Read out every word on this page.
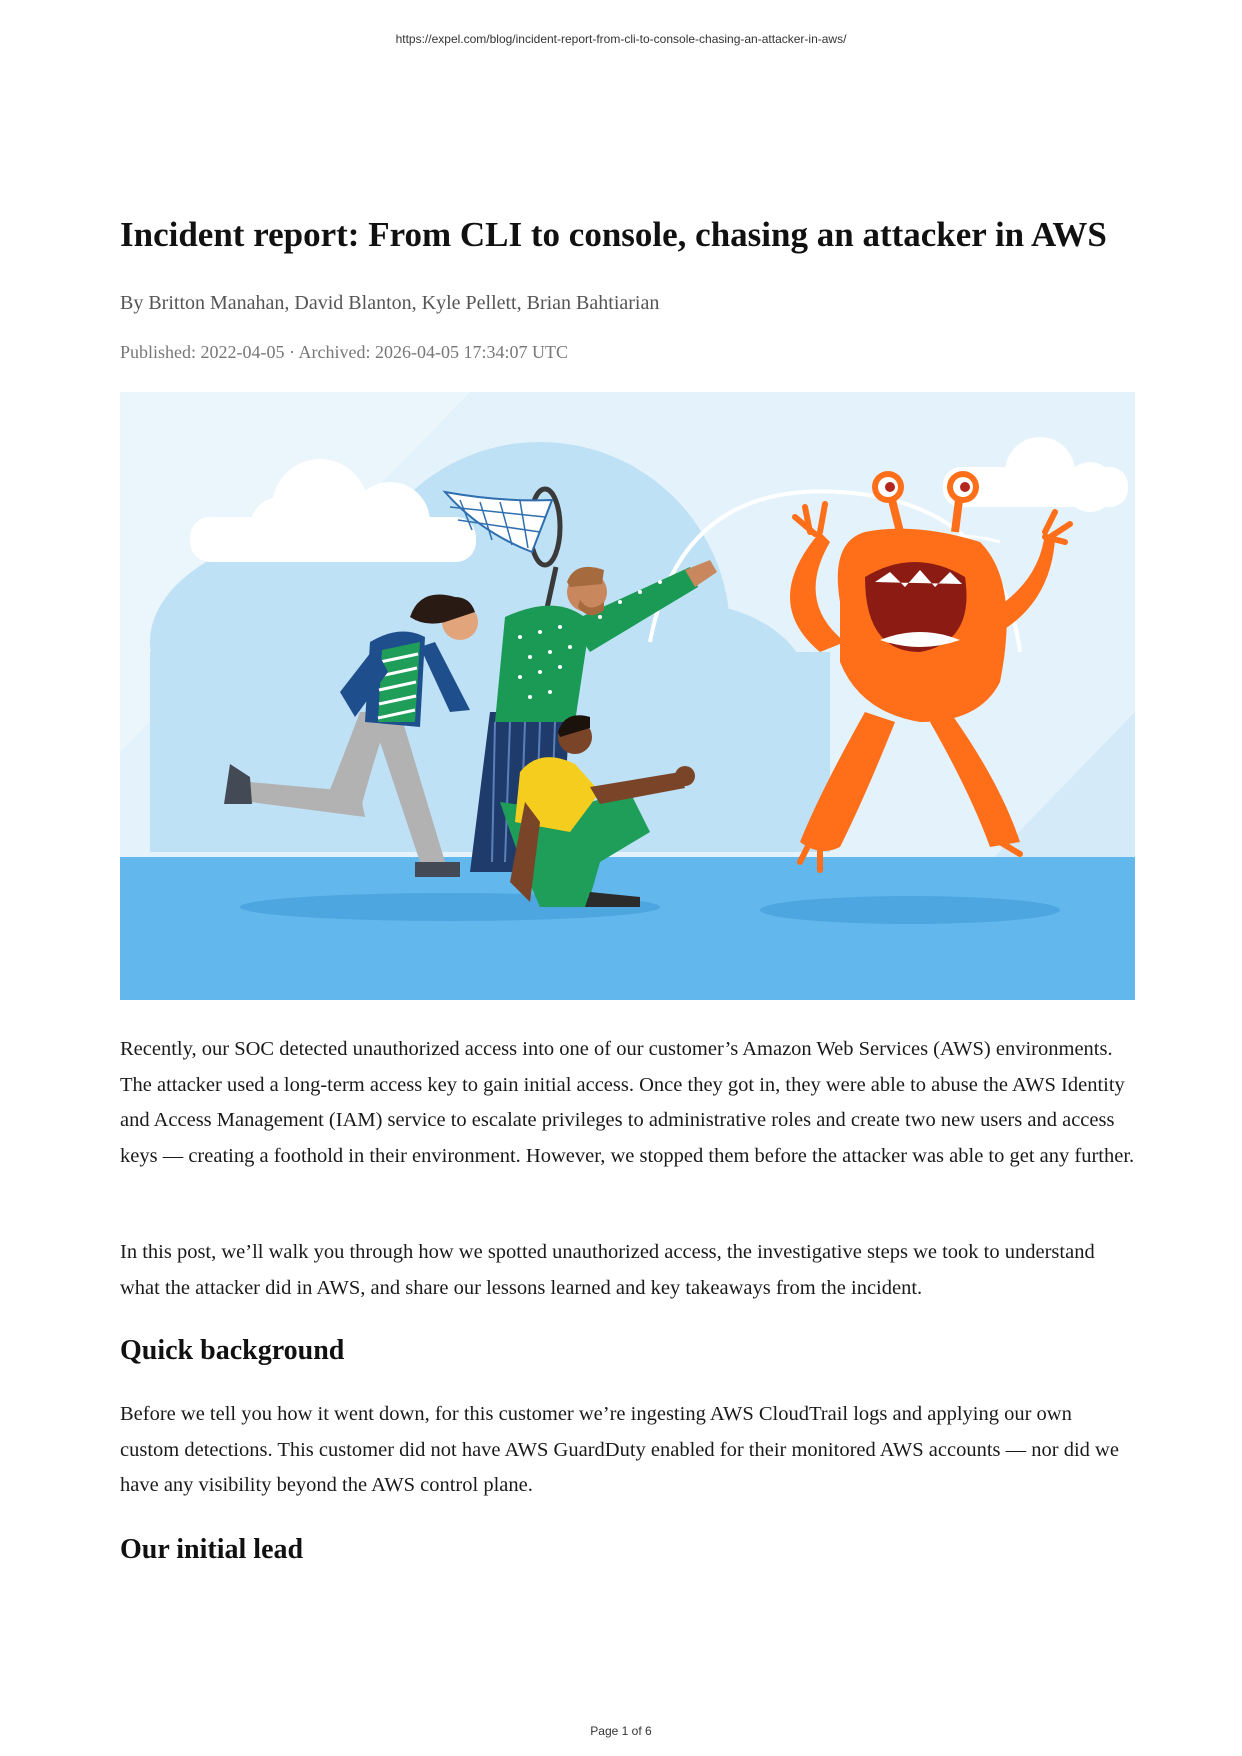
https://expel.com/blog/incident-report-from-cli-to-console-chasing-an-attacker-in-aws/
Incident report: From CLI to console, chasing an attacker in AWS

By Britton Manahan, David Blanton, Kyle Pellett, Brian Bahtiarian

Published: 2022-04-05 · Archived: 2026-04-05 17:34:07 UTC

Recently, our SOC detected unauthorized access into one of our customer’s Amazon Web Services (AWS) environments. The attacker used a long-term access key to gain initial access. Once they got in, they were able to abuse the AWS Identity and Access Management (IAM) service to escalate privileges to administrative roles and create two new users and access keys — creating a foothold in their environment. However, we stopped them before the attacker was able to get any further.

In this post, we’ll walk you through how we spotted unauthorized access, the investigative steps we took to understand what the attacker did in AWS, and share our lessons learned and key takeaways from the incident.

Quick background

Before we tell you how it went down, for this customer we’re ingesting AWS CloudTrail logs and applying our own custom detections. This customer did not have AWS GuardDuty enabled for their monitored AWS accounts — nor did we have any visibility beyond the AWS control plane.

Our initial lead
Page 1 of 6
